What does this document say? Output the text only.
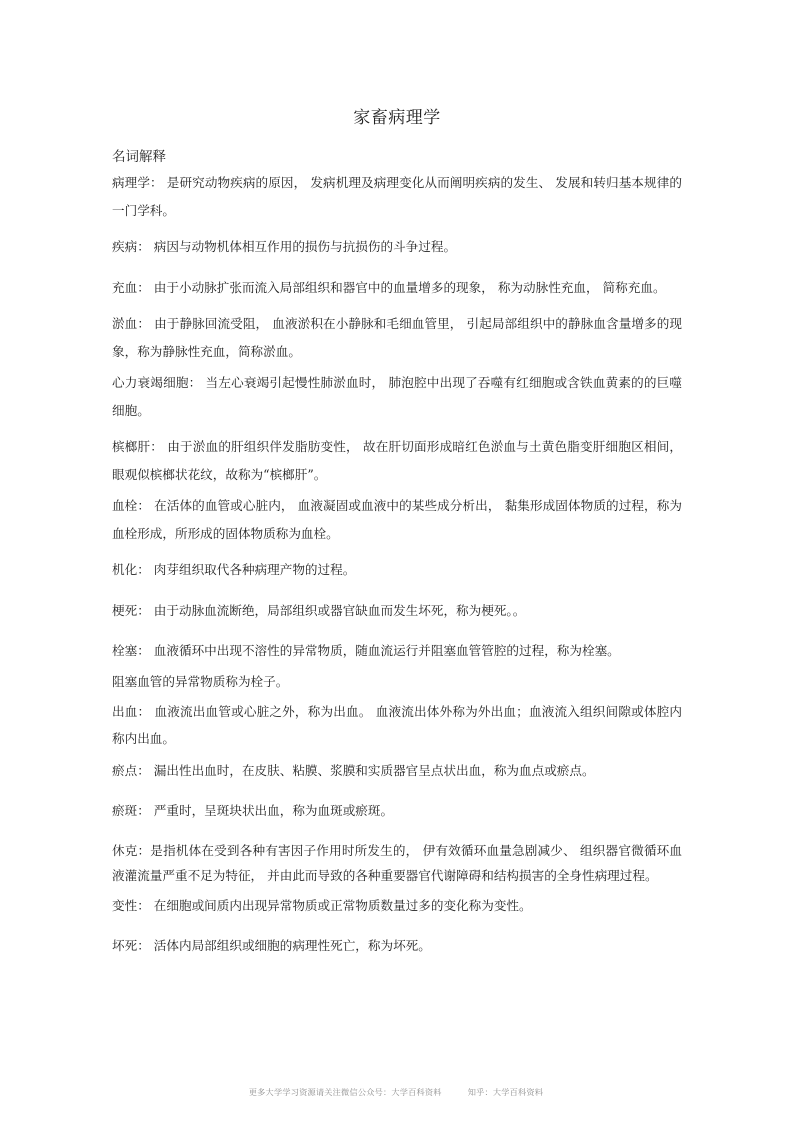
家畜病理学
名词解释

病理学： 是研究动物疾病的原因， 发病机理及病理变化从而阐明疾病的发生、 发展和转归基本规律的一门学科。

疾病： 病因与动物机体相互作用的损伤与抗损伤的斗争过程。

充血： 由于小动脉扩张而流入局部组织和器官中的血量增多的现象， 称为动脉性充血， 简称充血。

淤血： 由于静脉回流受阻， 血液淤积在小静脉和毛细血管里， 引起局部组织中的静脉血含量增多的现象，称为静脉性充血，简称淤血。

心力衰竭细胞： 当左心衰竭引起慢性肺淤血时， 肺泡腔中出现了吞噬有红细胞或含铁血黄素的的巨噬细胞。

槟榔肝： 由于淤血的肝组织伴发脂肪变性， 故在肝切面形成暗红色淤血与土黄色脂变肝细胞区相间，眼观似槟榔状花纹，故称为“槟榔肝”。

血栓： 在活体的血管或心脏内， 血液凝固或血液中的某些成分析出， 黏集形成固体物质的过程，称为血栓形成，所形成的固体物质称为血栓。

机化： 肉芽组织取代各种病理产物的过程。

梗死： 由于动脉血流断绝，局部组织或器官缺血而发生坏死，称为梗死。。

栓塞： 血液循环中出现不溶性的异常物质，随血流运行并阻塞血管管腔的过程，称为栓塞。

阻塞血管的异常物质称为栓子。

出血： 血液流出血管或心脏之外，称为出血。 血液流出体外称为外出血；血液流入组织间隙或体腔内称内出血。

瘀点： 漏出性出血时，在皮肤、粘膜、浆膜和实质器官呈点状出血，称为血点或瘀点。

瘀斑： 严重时，呈斑块状出血，称为血斑或瘀斑。

休克：是指机体在受到各种有害因子作用时所发生的， 伊有效循环血量急剧减少、 组织器官微循环血液灌流量严重不足为特征， 并由此而导致的各种重要器官代谢障碍和结构损害的全身性病理过程。

变性： 在细胞或间质内出现异常物质或正常物质数量过多的变化称为变性。

坏死： 活体内局部组织或细胞的病理性死亡，称为坏死。

更多大学学习资源请关注微信公众号：大学百科资料	知乎：大学百科资料
